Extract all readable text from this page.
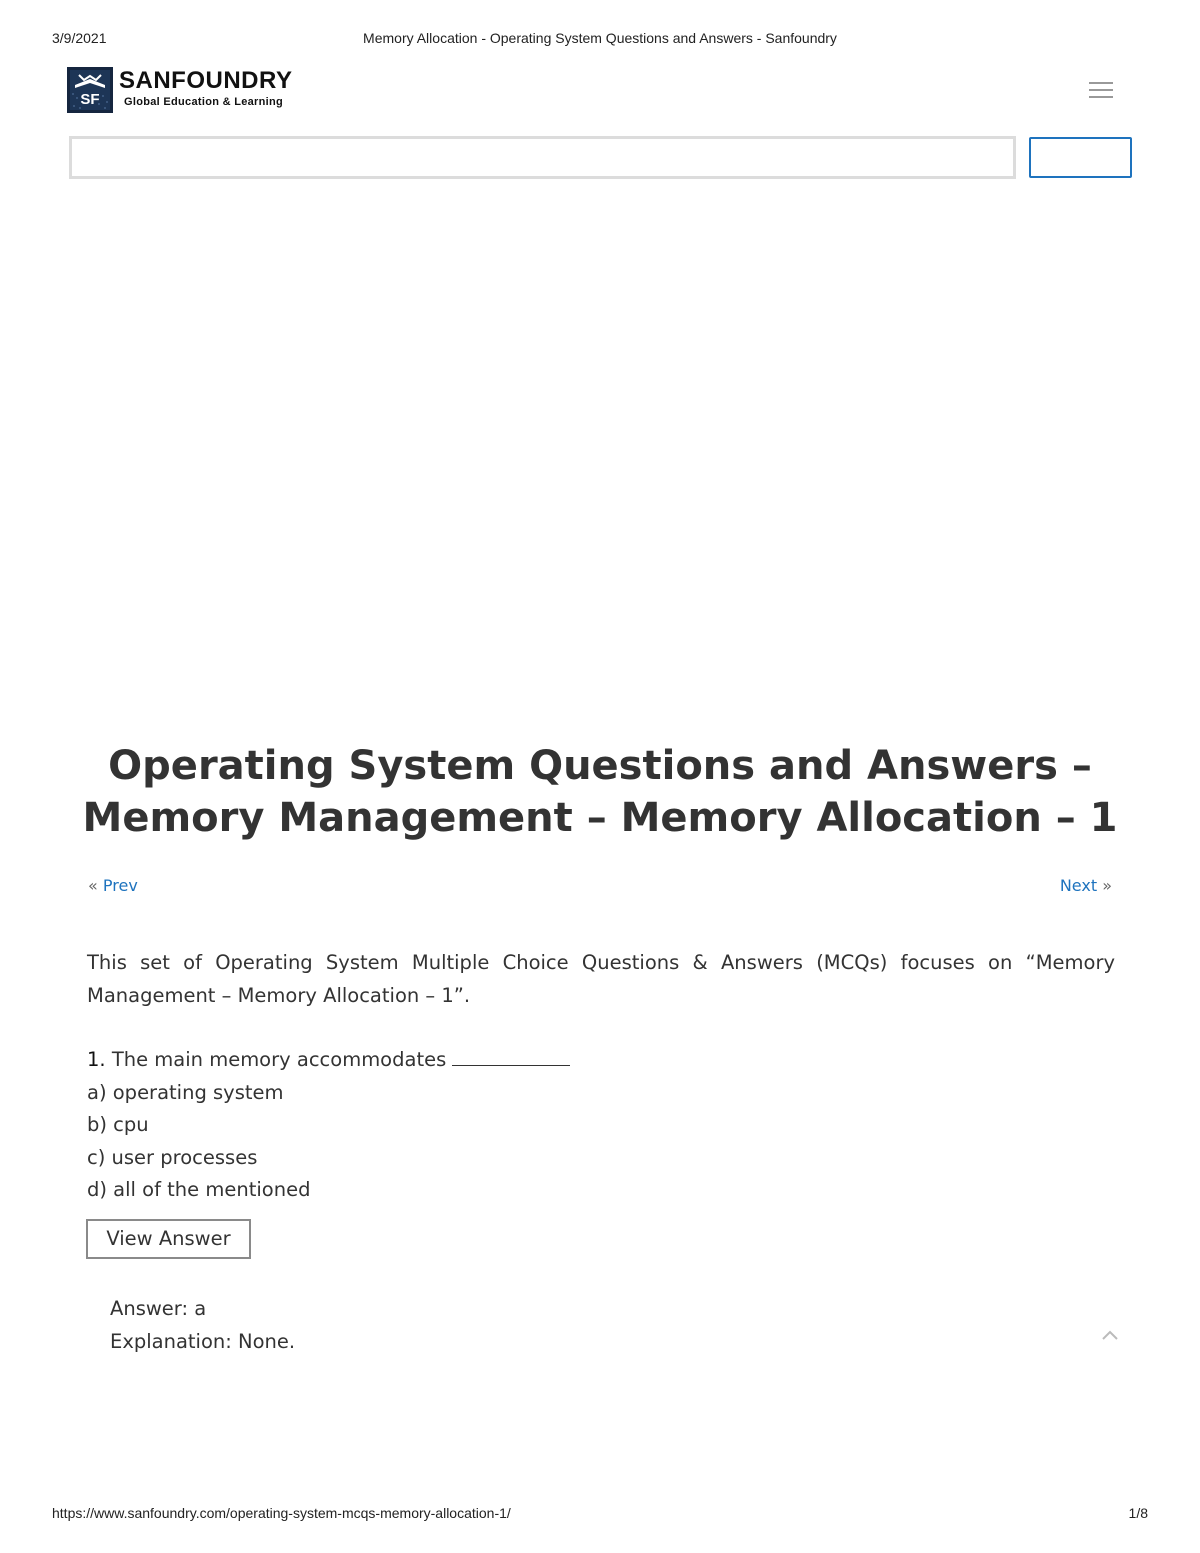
3/9/2021	Memory Allocation - Operating System Questions and Answers - Sanfoundry
SF
SANFOUNDRY
Global Education & Learning
Operating System Questions and Answers – Memory Management – Memory Allocation – 1
« Prev	Next »

This set of Operating System Multiple Choice Questions & Answers (MCQs) focuses on “Memory Management – Memory Allocation – 1”.

1. The main memory accommodates
a) operating system
b) cpu
c) user processes
d) all of the mentioned
View Answer
Answer: a
Explanation: None.
https://www.sanfoundry.com/operating-system-mcqs-memory-allocation-1/	1/8
